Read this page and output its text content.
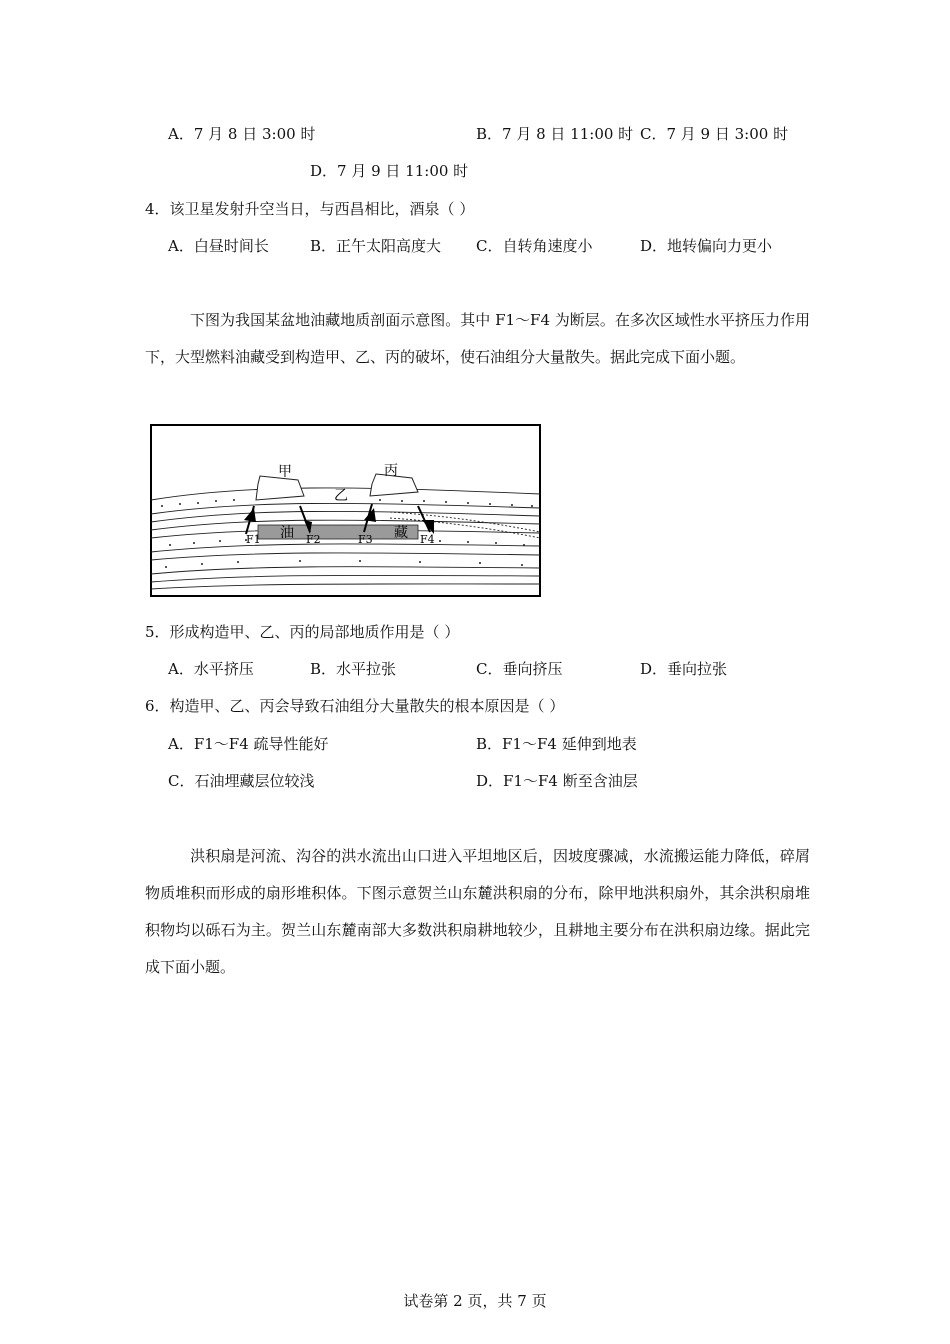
A．7 月 8 日 3:00 时	B．7 月 8 日 11:00 时 C．7 月 9 日 3:00 时
D．7 月 9 日 11:00 时
4．该卫星发射升空当日，与西昌相比，酒泉（ ）
A．白昼时间长	B．正午太阳高度大 C．自转角速度小	D．地转偏向力更小
下图为我国某盆地油藏地质剖面示意图。其中 F1～F4 为断层。在多次区域性水平挤压力作用下，大型燃料油藏受到构造甲、乙、丙的破坏，使石油组分大量散失。据此完成下面小题。
甲
乙
丙
油	藏
F1	F2	F3	F4
5．形成构造甲、乙、丙的局部地质作用是（ ）
A．水平挤压	B．水平拉张	C．垂向挤压	D．垂向拉张
6．构造甲、乙、丙会导致石油组分大量散失的根本原因是（ ）
A．F1～F4 疏导性能好	B．F1～F4 延伸到地表
C．石油埋藏层位较浅	D．F1～F4 断至含油层
洪积扇是河流、沟谷的洪水流出山口进入平坦地区后，因坡度骤减，水流搬运能力降低，碎屑物质堆积而形成的扇形堆积体。下图示意贺兰山东麓洪积扇的分布，除甲地洪积扇外，其余洪积扇堆积物均以砾石为主。贺兰山东麓南部大多数洪积扇耕地较少，且耕地主要分布在洪积扇边缘。据此完成下面小题。
试卷第 2 页，共 7 页
